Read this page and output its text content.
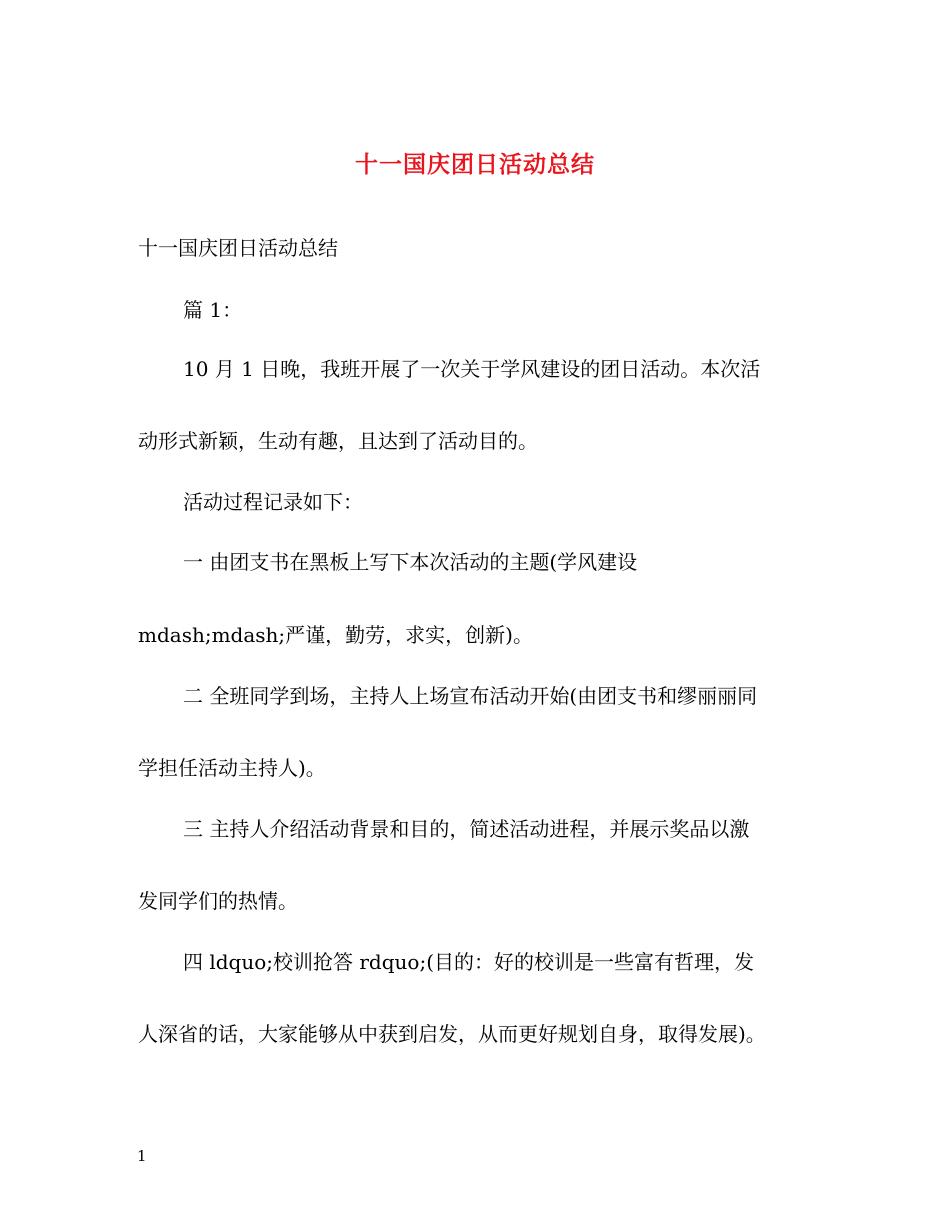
十一国庆团日活动总结
十一国庆团日活动总结
篇 1：
10 月 1 日晚，我班开展了一次关于学风建设的团日活动。本次活
动形式新颖，生动有趣，且达到了活动目的。
活动过程记录如下：
一 由团支书在黑板上写下本次活动的主题(学风建设
mdash;mdash;严谨，勤劳，求实，创新)。
二 全班同学到场，主持人上场宣布活动开始(由团支书和缪丽丽同
学担任活动主持人)。
三 主持人介绍活动背景和目的，简述活动进程，并展示奖品以激
发同学们的热情。
四 ldquo;校训抢答 rdquo;(目的：好的校训是一些富有哲理，发
人深省的话，大家能够从中获到启发，从而更好规划自身，取得发展)。
1
